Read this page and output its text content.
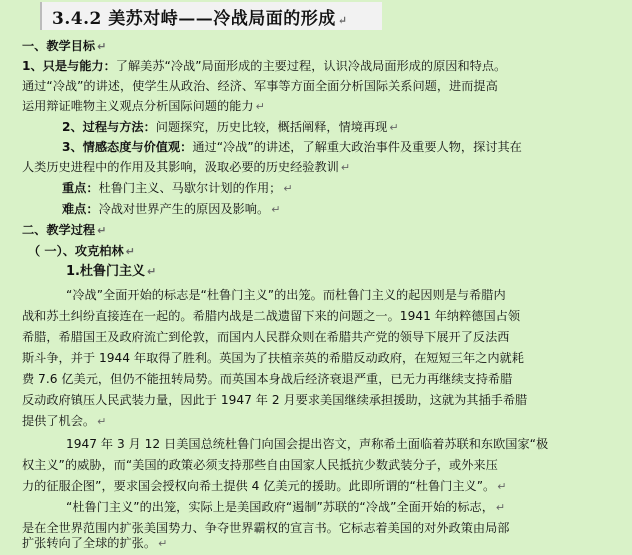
3.4.2 美苏对峙——冷战局面的形成 ↵
一、教学目标 ↵
1、只是与能力：了解美苏“冷战”局面形成的主要过程，认识冷战局面形成的原因和特点。
通过“冷战”的讲述，使学生从政治、经济、军事等方面全面分析国际关系问题，进而提高
运用辩证唯物主义观点分析国际问题的能力 ↵
2、过程与方法：问题探究，历史比较，概括阐释，情境再现 ↵
3、情感态度与价值观：通过“冷战”的讲述，了解重大政治事件及重要人物，探讨其在
人类历史进程中的作用及其影响，汲取必要的历史经验教训 ↵
重点：杜鲁门主义、马歇尔计划的作用； ↵
难点：冷战对世界产生的原因及影响。 ↵
二、教学过程 ↵
（ 一）、攻克柏林 ↵
1.杜鲁门主义 ↵
“冷战”全面开始的标志是“杜鲁门主义”的出笼。而杜鲁门主义的起因则是与希腊内
战和苏土纠纷直接连在一起的。希腊内战是二战遗留下来的问题之一。1941 年纳粹德国占领
希腊，希腊国王及政府流亡到伦敦，而国内人民群众则在希腊共产党的领导下展开了反法西
斯斗争，并于 1944 年取得了胜利。英国为了扶植亲英的希腊反动政府，在短短三年之内就耗
费 7.6 亿美元，但仍不能扭转局势。而英国本身战后经济衰退严重，已无力再继续支持希腊
反动政府镇压人民武装力量，因此于 1947 年 2 月要求美国继续承担援助，这就为其插手希腊
提供了机会。 ↵
1947 年 3 月 12 日美国总统杜鲁门向国会提出咨文，声称希土面临着苏联和东欧国家“极
权主义”的威胁，而“美国的政策必须支持那些自由国家人民抵抗少数武装分子，或外来压
力的征服企图”，要求国会授权向希土提供 4 亿美元的援助。此即所谓的“杜鲁门主义”。 ↵
“杜鲁门主义”的出笼，实际上是美国政府“遏制”苏联的“冷战”全面开始的标志， ↵
是在全世界范围内扩张美国势力、争夺世界霸权的宣言书。它标志着美国的对外政策由局部
扩张转向了全球的扩张。 ↵
